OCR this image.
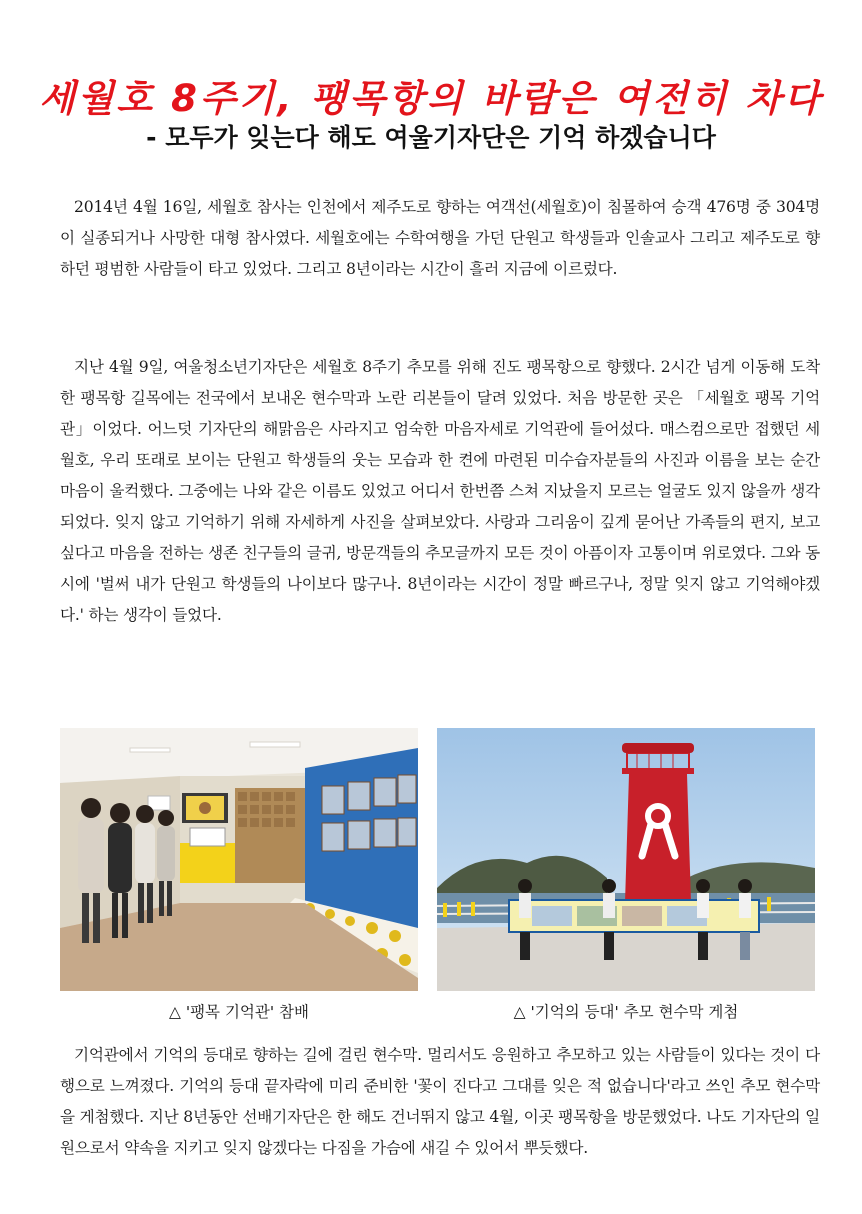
세월호 8주기, 팽목항의 바람은 여전히 차다
- 모두가 잊는다 해도 여울기자단은 기억 하겠습니다
2014년 4월 16일, 세월호 참사는 인천에서 제주도로 향하는 여객선(세월호)이 침몰하여 승객 476명 중 304명이 실종되거나 사망한 대형 참사였다. 세월호에는 수학여행을 가던 단원고 학생들과 인솔교사 그리고 제주도로 향하던 평범한 사람들이 타고 있었다. 그리고 8년이라는 시간이 흘러 지금에 이르렀다.
지난 4월 9일, 여울청소년기자단은 세월호 8주기 추모를 위해 진도 팽목항으로 향했다. 2시간 넘게 이동해 도착한 팽목항 길목에는 전국에서 보내온 현수막과 노란 리본들이 달려 있었다. 처음 방문한 곳은 「세월호 팽목 기억관」이었다. 어느덧 기자단의 해맑음은 사라지고 엄숙한 마음자세로 기억관에 들어섰다. 매스컴으로만 접했던 세월호, 우리 또래로 보이는 단원고 학생들의 웃는 모습과 한 켠에 마련된 미수습자분들의 사진과 이름을 보는 순간 마음이 울컥했다. 그중에는 나와 같은 이름도 있었고 어디서 한번쯤 스쳐 지났을지 모르는 얼굴도 있지 않을까 생각되었다. 잊지 않고 기억하기 위해 자세하게 사진을 살펴보았다. 사랑과 그리움이 깊게 묻어난 가족들의 편지, 보고 싶다고 마음을 전하는 생존 친구들의 글귀, 방문객들의 추모글까지 모든 것이 아픔이자 고통이며 위로였다. 그와 동시에 '벌써 내가 단원고 학생들의 나이보다 많구나. 8년이라는 시간이 정말 빠르구나, 정말 잊지 않고 기억해야겠다.' 하는 생각이 들었다.
△ '팽목 기억관' 참배	△ '기억의 등대' 추모 현수막 게첨
기억관에서 기억의 등대로 향하는 길에 걸린 현수막. 멀리서도 응원하고 추모하고 있는 사람들이 있다는 것이 다행으로 느껴졌다. 기억의 등대 끝자락에 미리 준비한 '꽃이 진다고 그대를 잊은 적 없습니다'라고 쓰인 추모 현수막을 게첨했다. 지난 8년동안 선배기자단은 한 해도 건너뛰지 않고 4월, 이곳 팽목항을 방문했었다. 나도 기자단의 일원으로서 약속을 지키고 잊지 않겠다는 다짐을 가슴에 새길 수 있어서 뿌듯했다.
